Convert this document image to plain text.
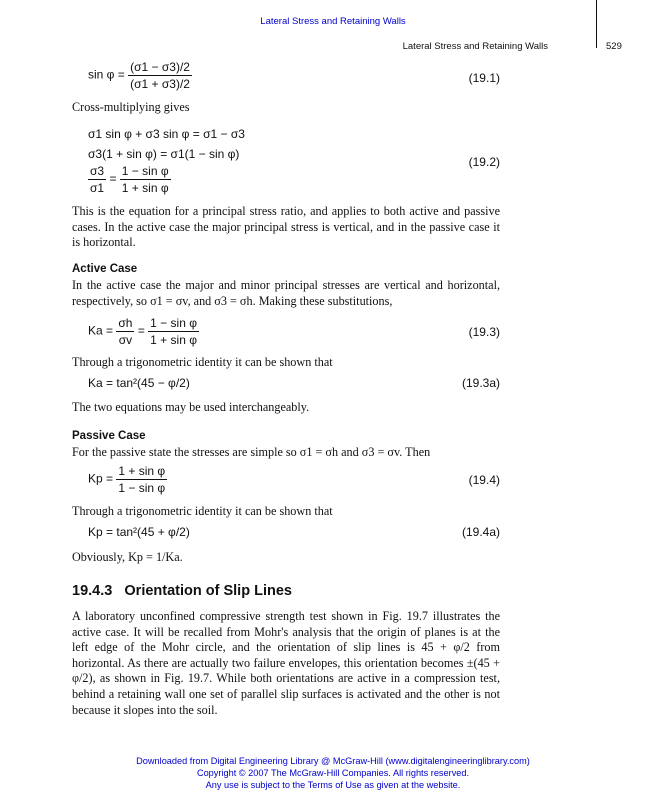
Lateral Stress and Retaining Walls
Lateral Stress and Retaining Walls	529
$\sin \varphi = \frac{(\sigma 1 - \sigma 3)/2}{(\sigma 1 + \sigma 3)/2}$	(19.1)
Cross-multiplying gives
σ1 sin φ + σ3 sin φ = σ1 − σ3
σ3(1 + sin φ) = σ1(1 − sin φ)
$\frac{\sigma 3}{\sigma 1} = \frac{\text{1 − sin φ}}{\text{1 + sin φ}}$
(19.2)
This is the equation for a principal stress ratio, and applies to both active and passive cases. In the active case the major principal stress is vertical, and in the passive case it is horizontal.
Active Case
In the active case the major and minor principal stresses are vertical and horizontal, respectively, so σ1 = σv, and σ3 = σh. Making these substitutions,
$Ka = \frac{\sigma h}{\sigma v} = \frac{\text{1 − sin φ}}{\text{1 + sin φ}}$	(19.3)
Through a trigonometric identity it can be shown that
Ka = tan²(45 − φ/2)	(19.3a)
The two equations may be used interchangeably.
Passive Case
For the passive state the stresses are simple so σ1 = σh and σ3 = σv. Then
$Kp = \frac{\text{1 + sin φ}}{\text{1 − sin φ}}$	(19.4)
Through a trigonometric identity it can be shown that
Kp = tan²(45 + φ/2)	(19.4a)
Obviously, Kp = 1/Ka.
19.4.3   Orientation of Slip Lines
A laboratory unconfined compressive strength test shown in Fig. 19.7 illustrates the active case. It will be recalled from Mohr's analysis that the origin of planes is at the left edge of the Mohr circle, and the orientation of slip lines is 45 + φ/2 from horizontal. As there are actually two failure envelopes, this orientation becomes ±(45 + φ/2), as shown in Fig. 19.7. While both orientations are active in a compression test, behind a retaining wall one set of parallel slip surfaces is activated and the other is not because it slopes into the soil.
Downloaded from Digital Engineering Library @ McGraw-Hill (www.digitalengineeringlibrary.com)
Copyright © 2007 The McGraw-Hill Companies. All rights reserved.
Any use is subject to the Terms of Use as given at the website.
